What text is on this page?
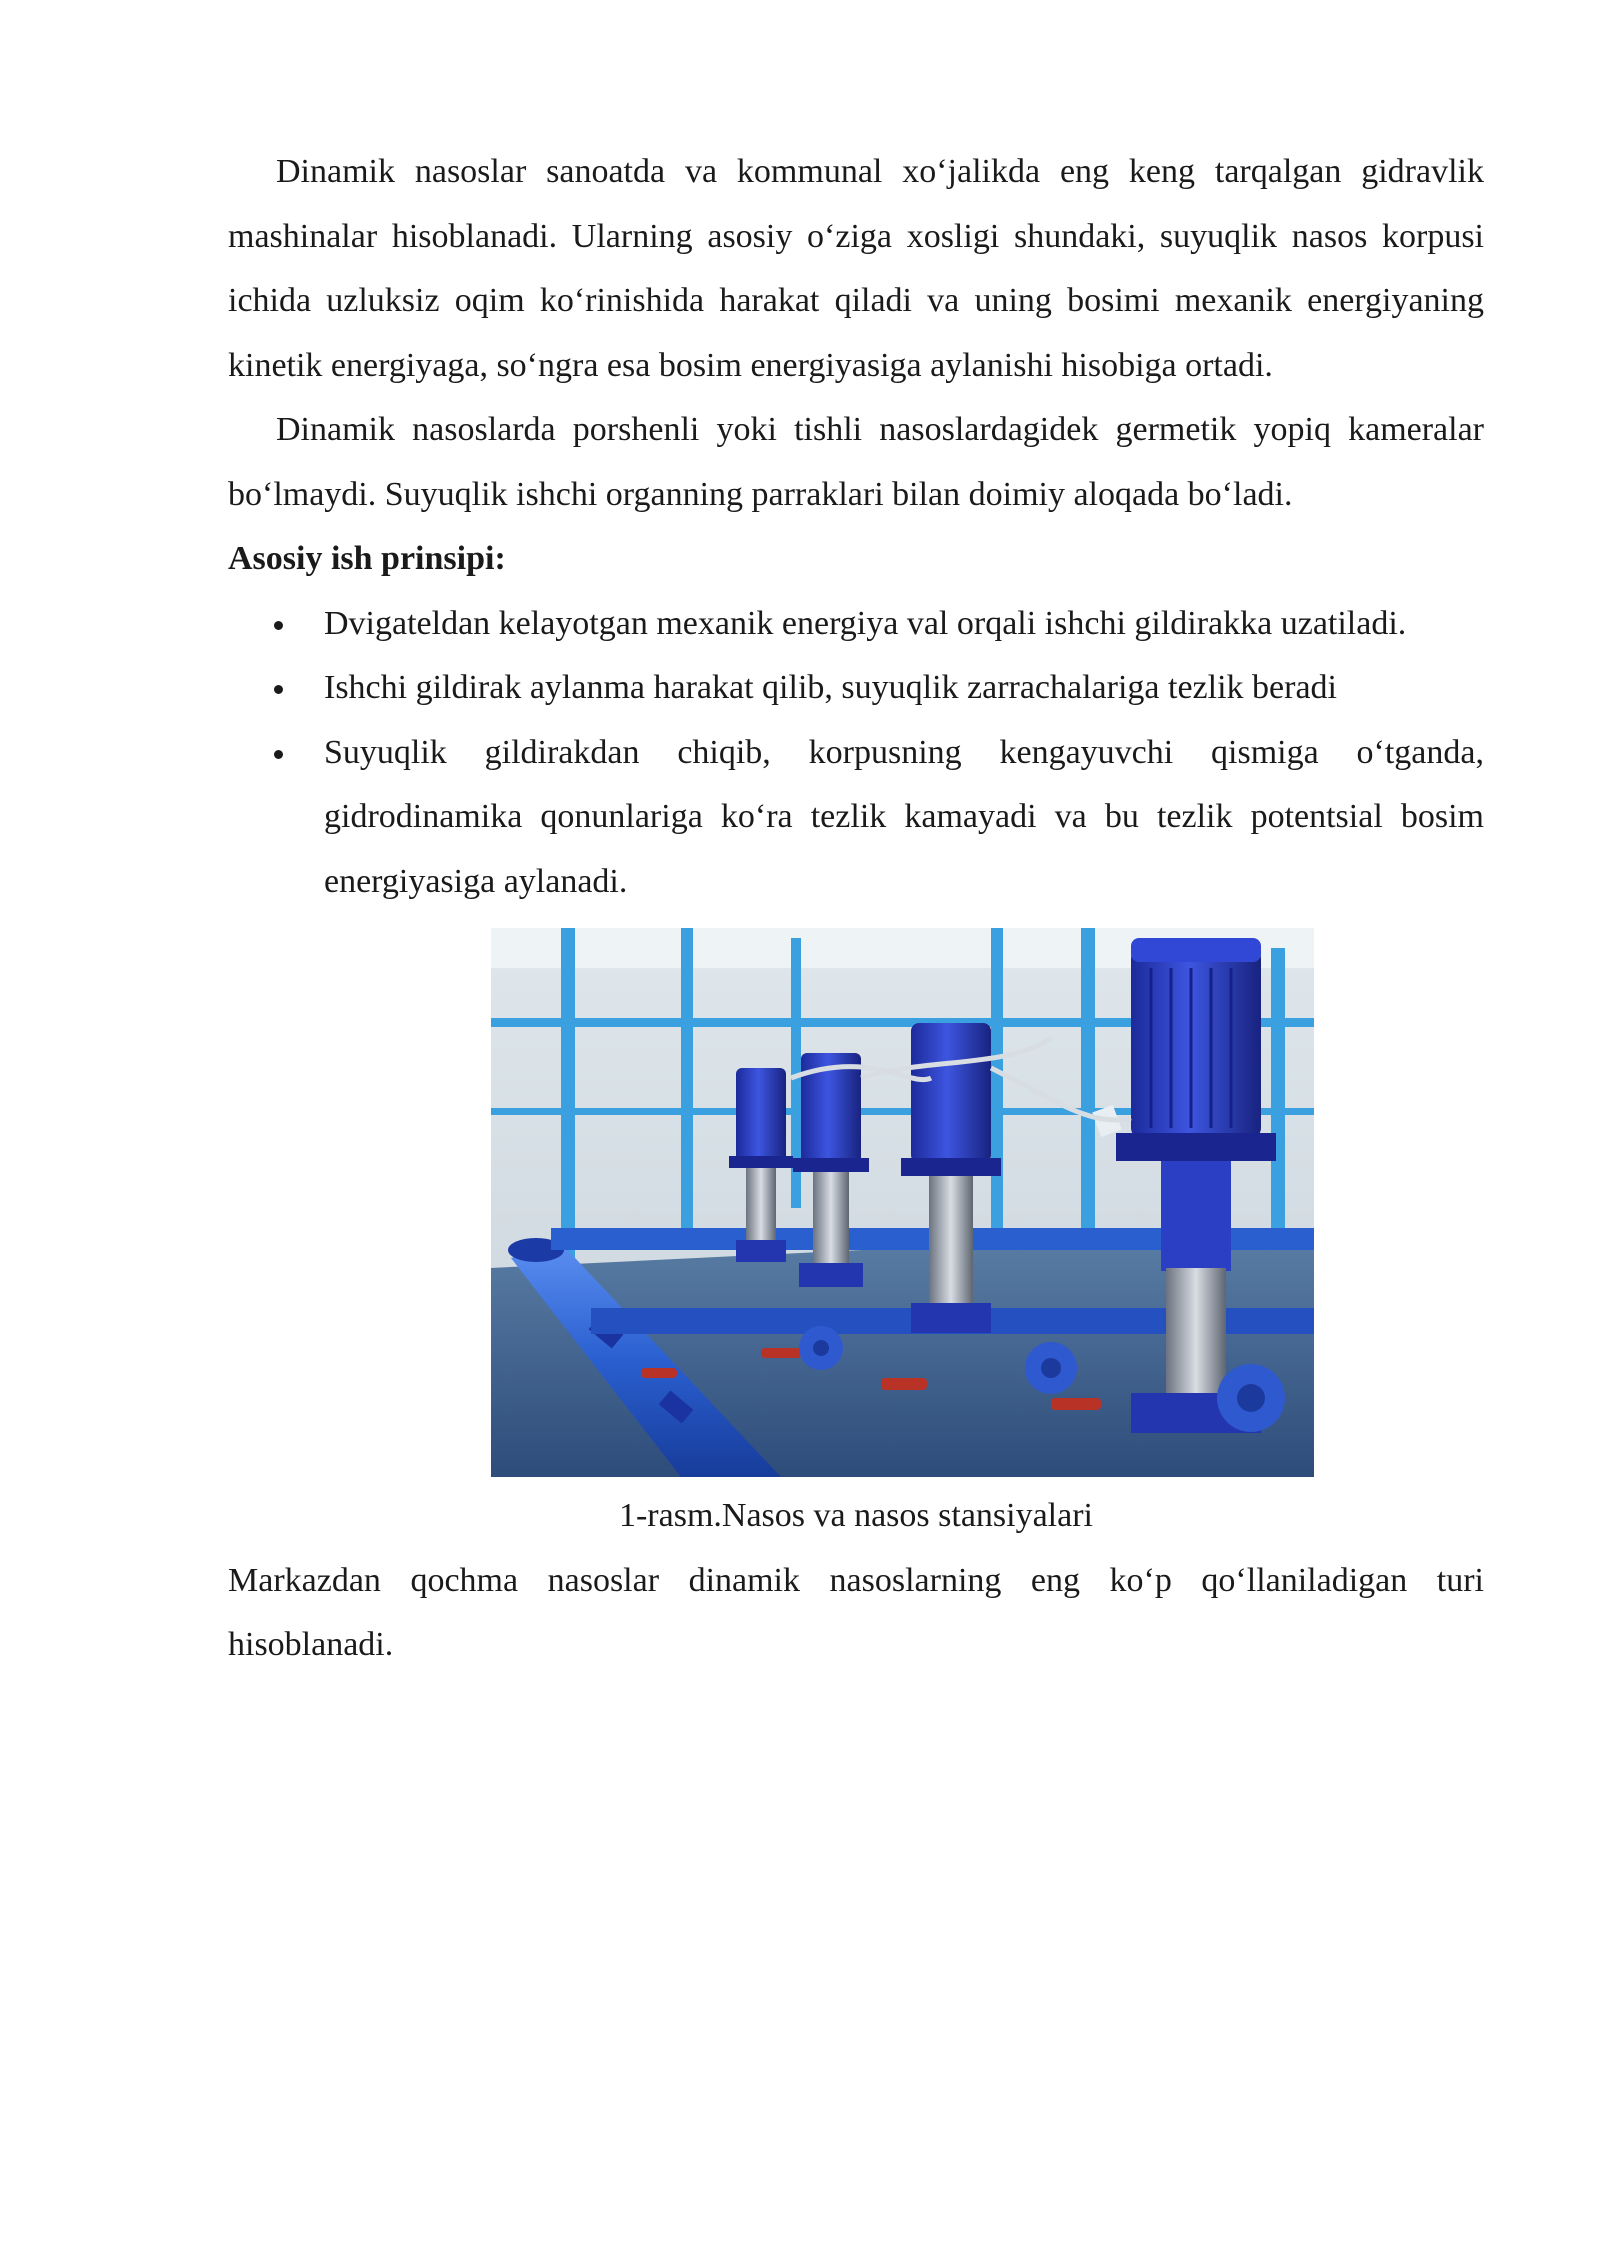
Dinamik nasoslar sanoatda va kommunal xo‘jalikda eng keng tarqalgan gidravlik mashinalar hisoblanadi. Ularning asosiy o‘ziga xosligi shundaki, suyuqlik nasos korpusi ichida uzluksiz oqim ko‘rinishida harakat qiladi va uning bosimi mexanik energiyaning kinetik energiyaga, so‘ngra esa bosim energiyasiga aylanishi hisobiga ortadi.

Dinamik nasoslarda porshenli yoki tishli nasoslardagidek germetik yopiq kameralar bo‘lmaydi. Suyuqlik ishchi organning parraklari bilan doimiy aloqada bo‘ladi.

Asosiy ish prinsipi:
Dvigateldan kelayotgan mexanik energiya val orqali ishchi gildirakka uzatiladi.
Ishchi gildirak aylanma harakat qilib, suyuqlik zarrachalariga tezlik beradi
Suyuqlik gildirakdan chiqib, korpusning kengayuvchi qismiga o‘tganda, gidrodinamika qonunlariga ko‘ra tezlik kamayadi va bu tezlik potentsial bosim energiyasiga aylanadi.
1-rasm.Nasos va nasos stansiyalari

Markazdan qochma nasoslar dinamik nasoslarning eng ko‘p qo‘llaniladigan turi hisoblanadi.
